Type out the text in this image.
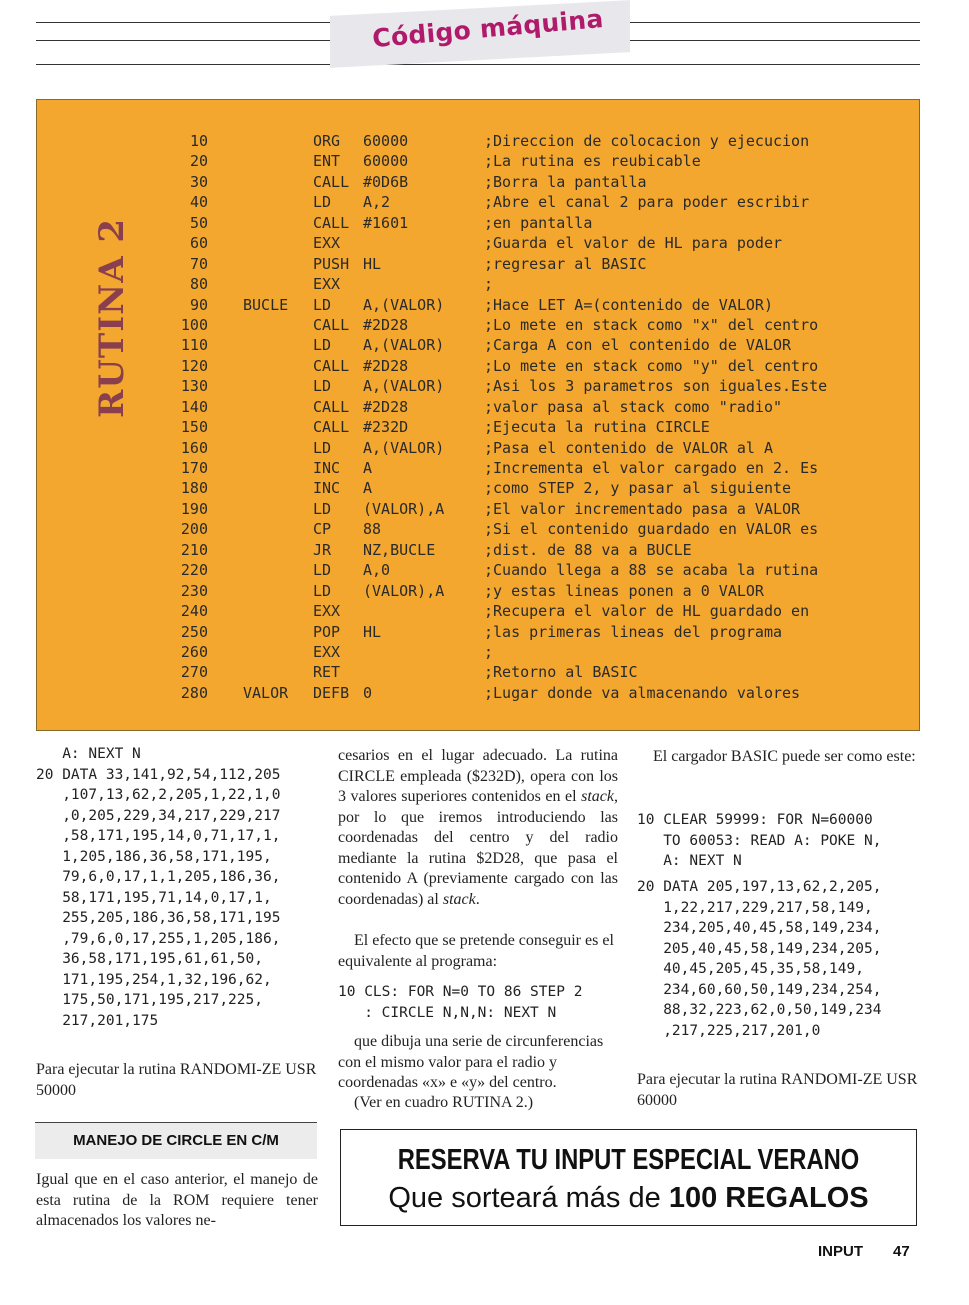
Código máquina
RUTINA 2
10	ORG 60000	;Direccion de colocacion y ejecucion
20	ENT 60000	;La rutina es reubicable
30	CALL #0D6B	;Borra la pantalla
40	LD A,2	;Abre el canal 2 para poder escribir
50	CALL #1601	;en pantalla
60	EXX	;Guarda el valor de HL para poder
70	PUSH HL	;regresar al BASIC
80	EXX	;
90 BUCLE LD A,(VALOR)	;Hace LET A=(contenido de VALOR)
100	CALL #2D28	;Lo mete en stack como "x" del centro
110	LD A,(VALOR)	;Carga A con el contenido de VALOR
120	CALL #2D28	;Lo mete en stack como "y" del centro
130	LD A,(VALOR)	;Asi los 3 parametros son iguales.Este
140	CALL #2D28	;valor pasa al stack como "radio"
150	CALL #232D	;Ejecuta la rutina CIRCLE
160	LD A,(VALOR)	;Pasa el contenido de VALOR al A
170	INC A	;Incrementa el valor cargado en 2. Es
180	INC A	;como STEP 2, y pasar al siguiente
190	LD (VALOR),A	;El valor incrementado pasa a VALOR
200	CP 88	;Si el contenido guardado en VALOR es
210	JR NZ,BUCLE	;dist. de 88 va a BUCLE
220	LD A,0	;Cuando llega a 88 se acaba la rutina
230	LD (VALOR),A	;y estas lineas ponen a 0 VALOR
240	EXX	;Recupera el valor de HL guardado en
250	POP HL	;las primeras lineas del programa
260	EXX	;
270	RET	;Retorno al BASIC
280 VALOR DEFB 0	;Lugar donde va almacenando valores
A: NEXT N
20 DATA 33,141,92,54,112,205
,107,13,62,2,205,1,22,1,0
,0,205,229,34,217,229,217
,58,171,195,14,0,71,17,1,
1,205,186,36,58,171,195,
79,6,0,17,1,1,205,186,36,
58,171,195,71,14,0,17,1,
255,205,186,36,58,171,195
,79,6,0,17,255,1,205,186,
36,58,171,195,61,61,50,
171,195,254,1,32,196,62,
175,50,171,195,217,225,
217,201,175
Para ejecutar la rutina RANDOMI-ZE USR 50000
MANEJO DE CIRCLE EN C/M
Igual que en el caso anterior, el manejo de esta rutina de la ROM requiere tener almacenados los valores ne-
cesarios en el lugar adecuado. La rutina CIRCLE empleada ($232D), opera con los 3 valores superiores contenidos en el stack, por lo que iremos introduciendo las coordenadas del centro y del radio mediante la rutina $2D28, que pasa el contenido A (previamente cargado con las coordenadas) al stack.
El efecto que se pretende conseguir es el equivalente al programa:
10 CLS: FOR N=0 TO 86 STEP 2
: CIRCLE N,N,N: NEXT N
que dibuja una serie de circunferencias con el mismo valor para el radio y coordenadas «x» e «y» del centro.
(Ver en cuadro RUTINA 2.)
El cargador BASIC puede ser como este:
10 CLEAR 59999: FOR N=60000
TO 60053: READ A: POKE N,
A: NEXT N
20 DATA 205,197,13,62,2,205,
1,22,217,229,217,58,149,
234,205,40,45,58,149,234,
205,40,45,58,149,234,205,
40,45,205,45,35,58,149,
234,60,60,50,149,234,254,
88,32,223,62,0,50,149,234
,217,225,217,201,0
Para ejecutar la rutina RANDOMI-ZE USR 60000
RESERVA TU INPUT ESPECIAL VERANO
Que sorteará más de 100 REGALOS
INPUT 47
